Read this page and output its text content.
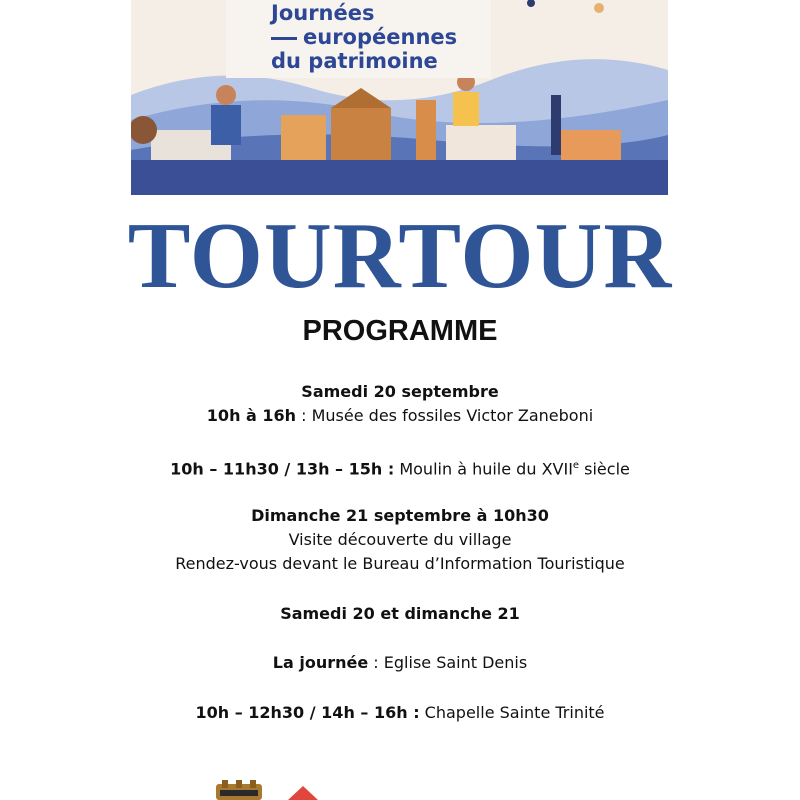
Journées
européennes
du patrimoine
TOURTOUR
PROGRAMME
Samedi 20 septembre
10h à 16h : Musée des fossiles Victor Zaneboni
10h – 11h30 / 13h – 15h : Moulin à huile du XVIIe siècle
Dimanche 21 septembre à 10h30
Visite découverte du village
Rendez-vous devant le Bureau d’Information Touristique
Samedi 20 et dimanche 21
La journée : Eglise Saint Denis
10h – 12h30 / 14h – 16h : Chapelle Sainte Trinité
